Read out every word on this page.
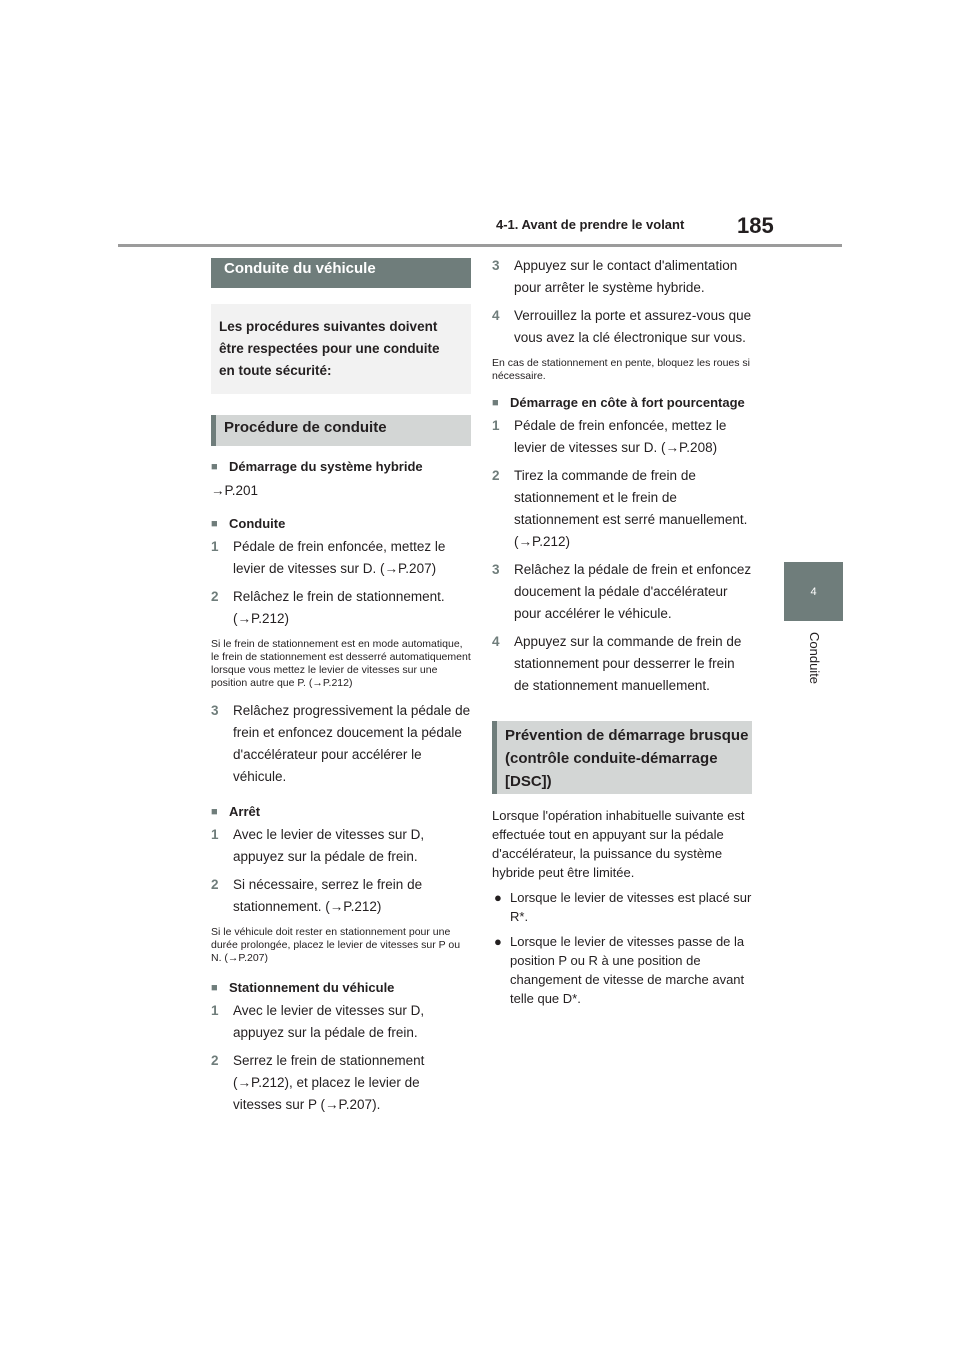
4-1. Avant de prendre le volant 185
4
Conduite
Conduite du véhicule
Les procédures suivantes doivent
être respectées pour une conduite
en toute sécurité:
Procédure de conduite
■ Démarrage du système hybride
→P.201
■ Conduite
1 Pédale de frein enfoncée, mettez le levier de vitesses sur D. (→P.207)
2 Relâchez le frein de stationnement. (→P.212)
Si le frein de stationnement est en mode automatique, le frein de stationnement est desserré automatiquement lorsque vous mettez le levier de vitesses sur une position autre que P. (→P.212)
3 Relâchez progressivement la pédale de frein et enfoncez doucement la pédale d'accélérateur pour accélérer le véhicule.
■ Arrêt
1 Avec le levier de vitesses sur D, appuyez sur la pédale de frein.
2 Si nécessaire, serrez le frein de stationnement. (→P.212)
Si le véhicule doit rester en stationnement pour une durée prolongée, placez le levier de vitesses sur P ou N. (→P.207)
■ Stationnement du véhicule
1 Avec le levier de vitesses sur D, appuyez sur la pédale de frein.
2 Serrez le frein de stationnement (→P.212), et placez le levier de vitesses sur P (→P.207).
3 Appuyez sur le contact d'alimentation pour arrêter le système hybride.
4 Verrouillez la porte et assurez-vous que vous avez la clé électronique sur vous.
En cas de stationnement en pente, bloquez les roues si nécessaire.
■ Démarrage en côte à fort pourcentage
1 Pédale de frein enfoncée, mettez le levier de vitesses sur D. (→P.208)
2 Tirez la commande de frein de stationnement et le frein de stationnement est serré manuellement. (→P.212)
3 Relâchez la pédale de frein et enfoncez doucement la pédale d'accélérateur pour accélérer le véhicule.
4 Appuyez sur la commande de frein de stationnement pour desserrer le frein de stationnement manuellement.
Prévention de démarrage brusque (contrôle conduite-démarrage [DSC])
Lorsque l'opération inhabituelle suivante est effectuée tout en appuyant sur la pédale d'accélérateur, la puissance du système hybride peut être limitée.
● Lorsque le levier de vitesses est placé sur R*.
● Lorsque le levier de vitesses passe de la position P ou R à une position de changement de vitesse de marche avant telle que D*.
